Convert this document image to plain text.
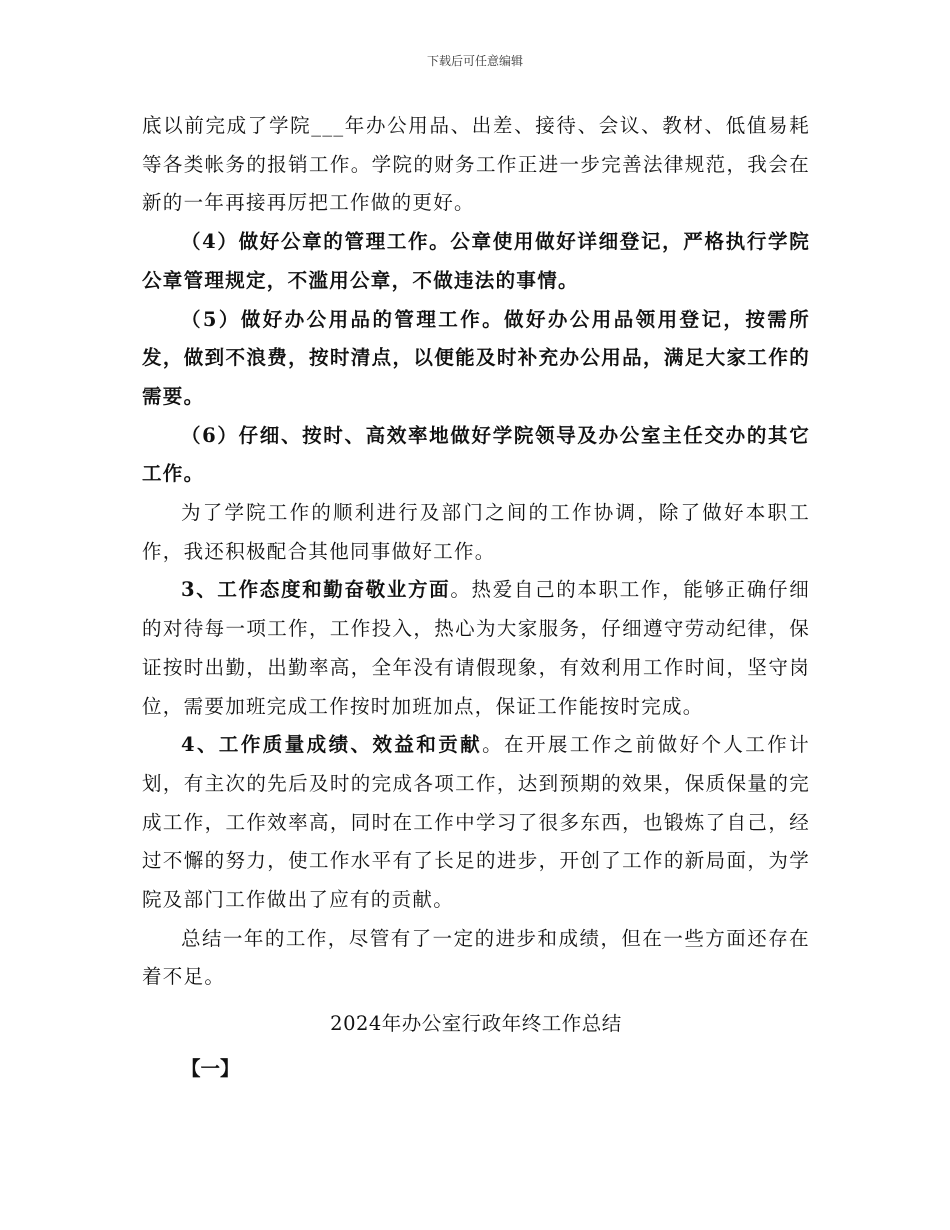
下载后可任意编辑

底以前完成了学院___年办公用品、出差、接待、会议、教材、低值易耗等各类帐务的报销工作。学院的财务工作正进一步完善法律规范，我会在新的一年再接再厉把工作做的更好。

（4）做好公章的管理工作。公章使用做好详细登记，严格执行学院公章管理规定，不滥用公章，不做违法的事情。

（5）做好办公用品的管理工作。做好办公用品领用登记，按需所发，做到不浪费，按时清点，以便能及时补充办公用品，满足大家工作的需要。

（6）仔细、按时、高效率地做好学院领导及办公室主任交办的其它工作。

为了学院工作的顺利进行及部门之间的工作协调，除了做好本职工作，我还积极配合其他同事做好工作。

3、工作态度和勤奋敬业方面。热爱自己的本职工作，能够正确仔细的对待每一项工作，工作投入，热心为大家服务，仔细遵守劳动纪律，保证按时出勤，出勤率高，全年没有请假现象，有效利用工作时间，坚守岗位，需要加班完成工作按时加班加点，保证工作能按时完成。

4、工作质量成绩、效益和贡献。在开展工作之前做好个人工作计划，有主次的先后及时的完成各项工作，达到预期的效果，保质保量的完成工作，工作效率高，同时在工作中学习了很多东西，也锻炼了自己，经过不懈的努力，使工作水平有了长足的进步，开创了工作的新局面，为学院及部门工作做出了应有的贡献。

总结一年的工作，尽管有了一定的进步和成绩，但在一些方面还存在着不足。

2024年办公室行政年终工作总结

【一】
